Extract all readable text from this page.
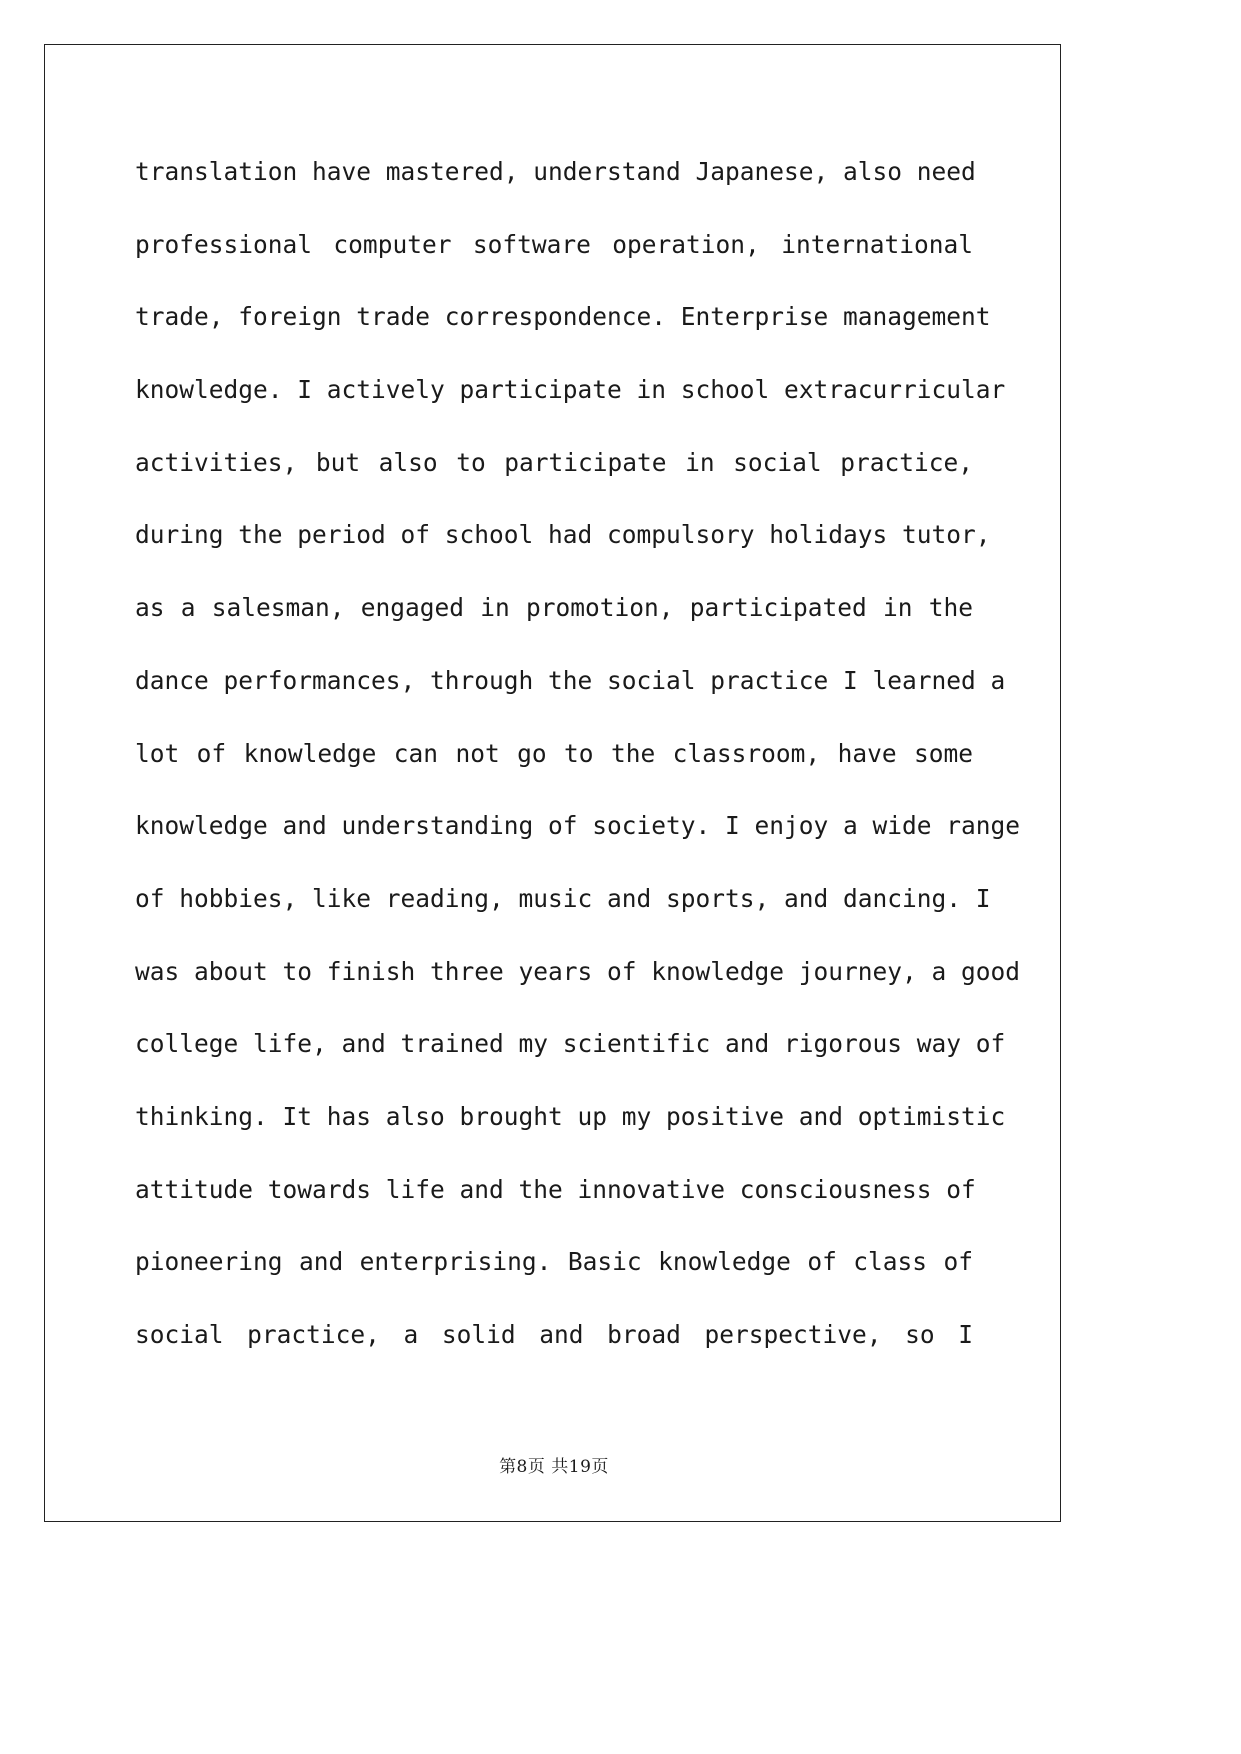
translation have mastered, understand Japanese, also need
professional computer software operation, international
trade, foreign trade correspondence. Enterprise management
knowledge. I actively participate in school extracurricular
activities, but also to participate in social practice,
during the period of school had compulsory holidays tutor,
as a salesman, engaged in promotion, participated in the
dance performances, through the social practice I learned a
lot of knowledge can not go to the classroom, have some
knowledge and understanding of society. I enjoy a wide range
of hobbies, like reading, music and sports, and dancing. I
was about to finish three years of knowledge journey, a good
college life, and trained my scientific and rigorous way of
thinking. It has also brought up my positive and optimistic
attitude towards life and the innovative consciousness of
pioneering and enterprising. Basic knowledge of class of
social practice, a solid and broad perspective, so I
第8页 共19页
